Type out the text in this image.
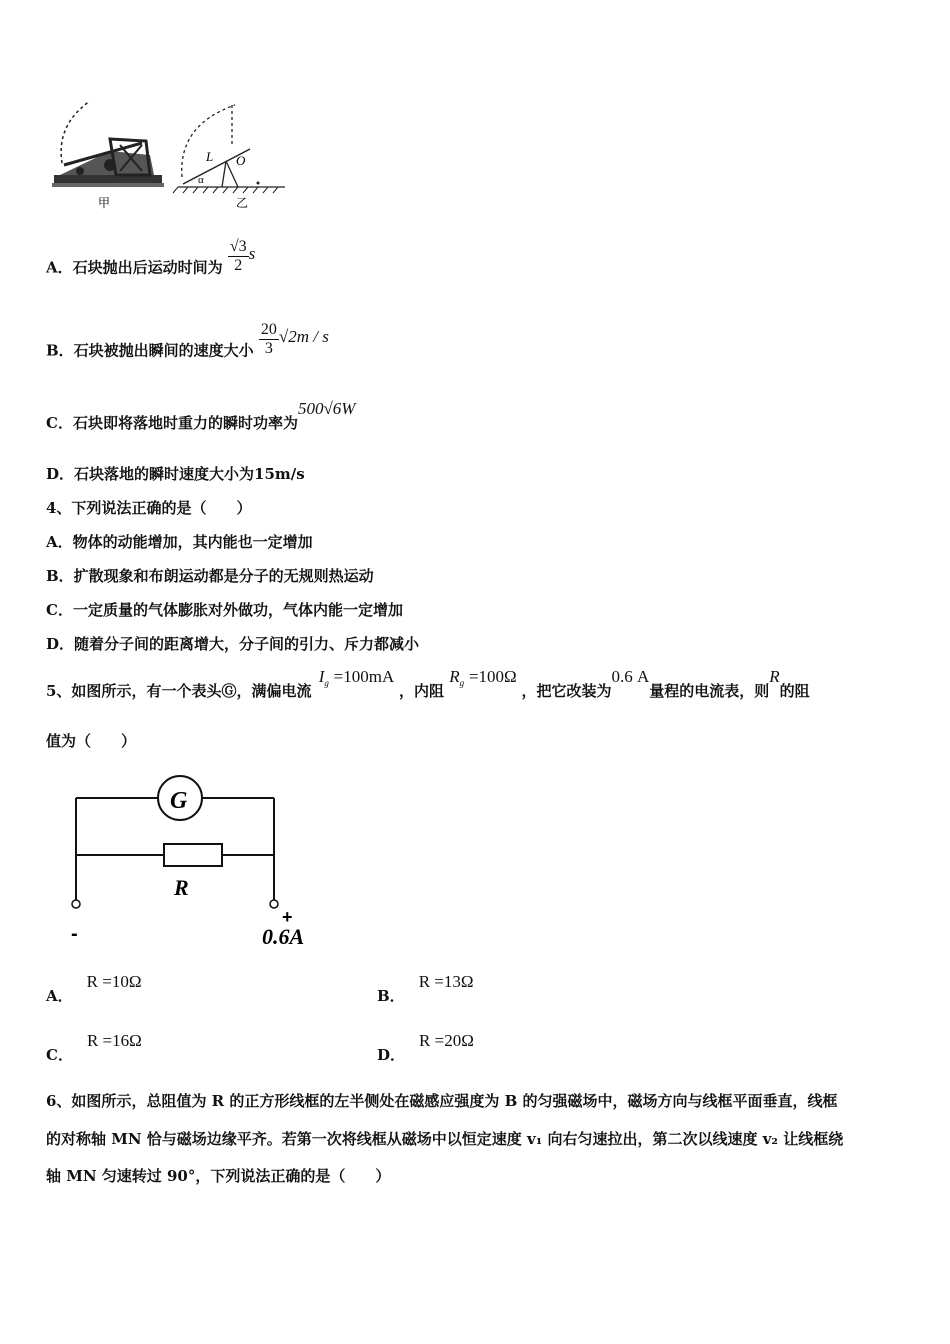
L O
α
甲	乙
A．石块抛出后运动时间为 $\frac{√3}{2}$ s
B．石块被抛出瞬间的速度大小 $\frac{20}{3} √2m$ / s
C．石块即将落地时重力的瞬时功率为500√6W
D．石块落地的瞬时速度大小为15m/s
4、下列说法正确的是（　　）
A．物体的动能增加，其内能也一定增加
B．扩散现象和布朗运动都是分子的无规则热运动
C．一定质量的气体膨胀对外做功，气体内能一定增加
D．随着分子间的距离增大，分子间的引力、斥力都减小
5、如图所示，有一个表头Ⓖ，满偏电流 $I_g =100mA$ ，内阻 $R_g =100\Omega$ ，把它改装为0.6 A量程的电流表，则R的阻
值为（　　）
G
R
-
+
0.6A
A．R =10Ω
B．R =13Ω
C．R =16Ω
D．R =20Ω
6、如图所示，总阻值为 R 的正方形线框的左半侧处在磁感应强度为 B 的匀强磁场中，磁场方向与线框平面垂直，线框
的对称轴 MN 恰与磁场边缘平齐。若第一次将线框从磁场中以恒定速度 v₁ 向右匀速拉出，第二次以线速度 v₂ 让线框绕
轴 MN 匀速转过 90°，下列说法正确的是（　　）
